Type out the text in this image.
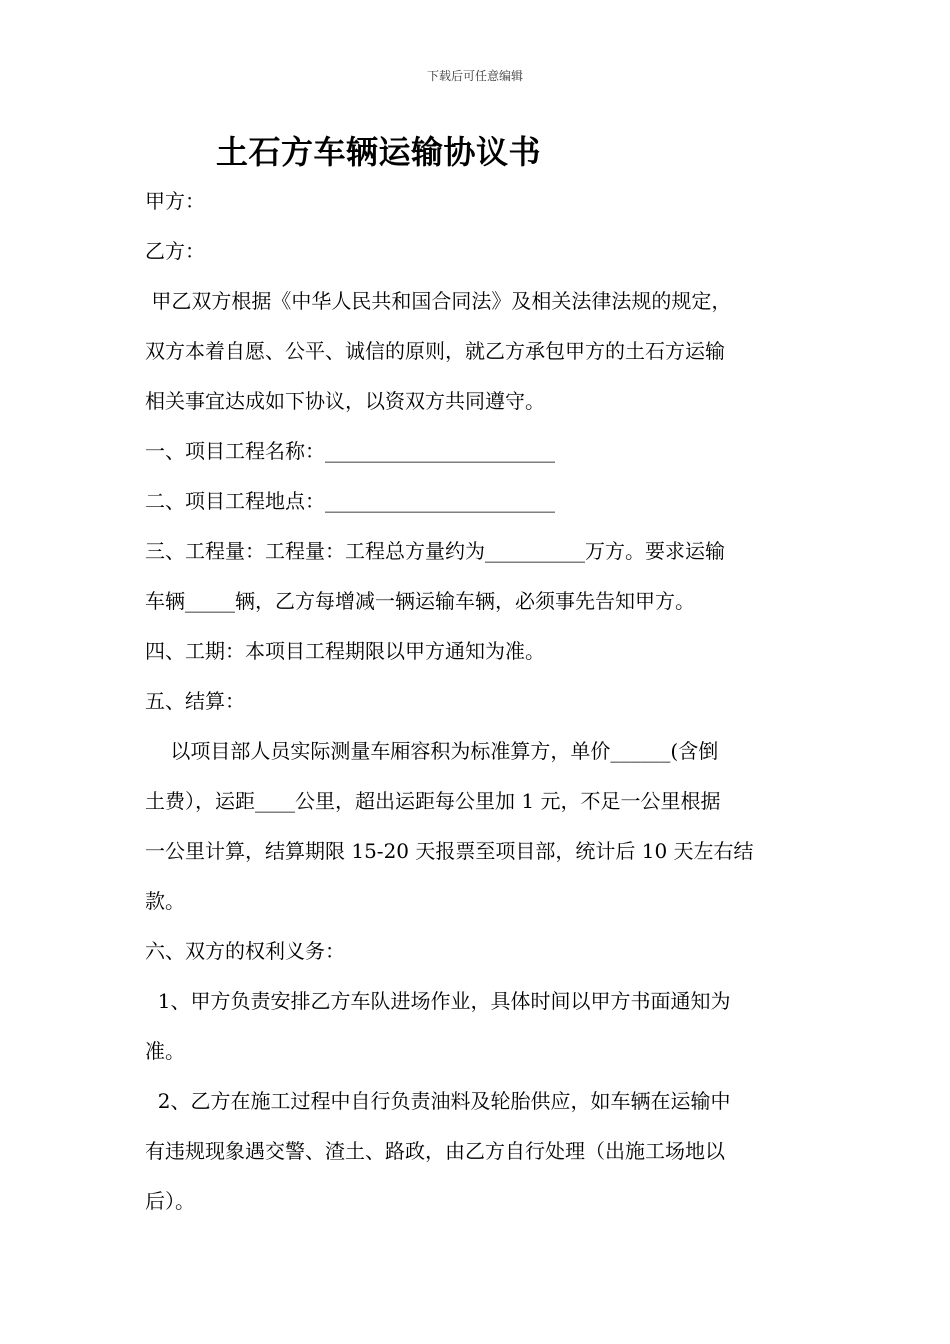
下载后可任意编辑
土石方车辆运输协议书

甲方：

乙方：

甲乙双方根据《中华人民共和国合同法》及相关法律法规的规定，

双方本着自愿、公平、诚信的原则，就乙方承包甲方的土石方运输

相关事宜达成如下协议，以资双方共同遵守。

一、项目工程名称：_______________________

二、项目工程地点：_______________________

三、工程量：工程量：工程总方量约为__________万方。要求运输

车辆_____辆，乙方每增减一辆运输车辆，必须事先告知甲方。

四、工期：本项目工程期限以甲方通知为准。

五、结算：

以项目部人员实际测量车厢容积为标准算方，单价______(含倒

土费），运距____公里，超出运距每公里加 1 元，不足一公里根据

一公里计算，结算期限 15-20 天报票至项目部，统计后 10 天左右结

款。

六、双方的权利义务：

1、甲方负责安排乙方车队进场作业，具体时间以甲方书面通知为

准。

2、乙方在施工过程中自行负责油料及轮胎供应，如车辆在运输中

有违规现象遇交警、渣土、路政，由乙方自行处理（出施工场地以

后）。
